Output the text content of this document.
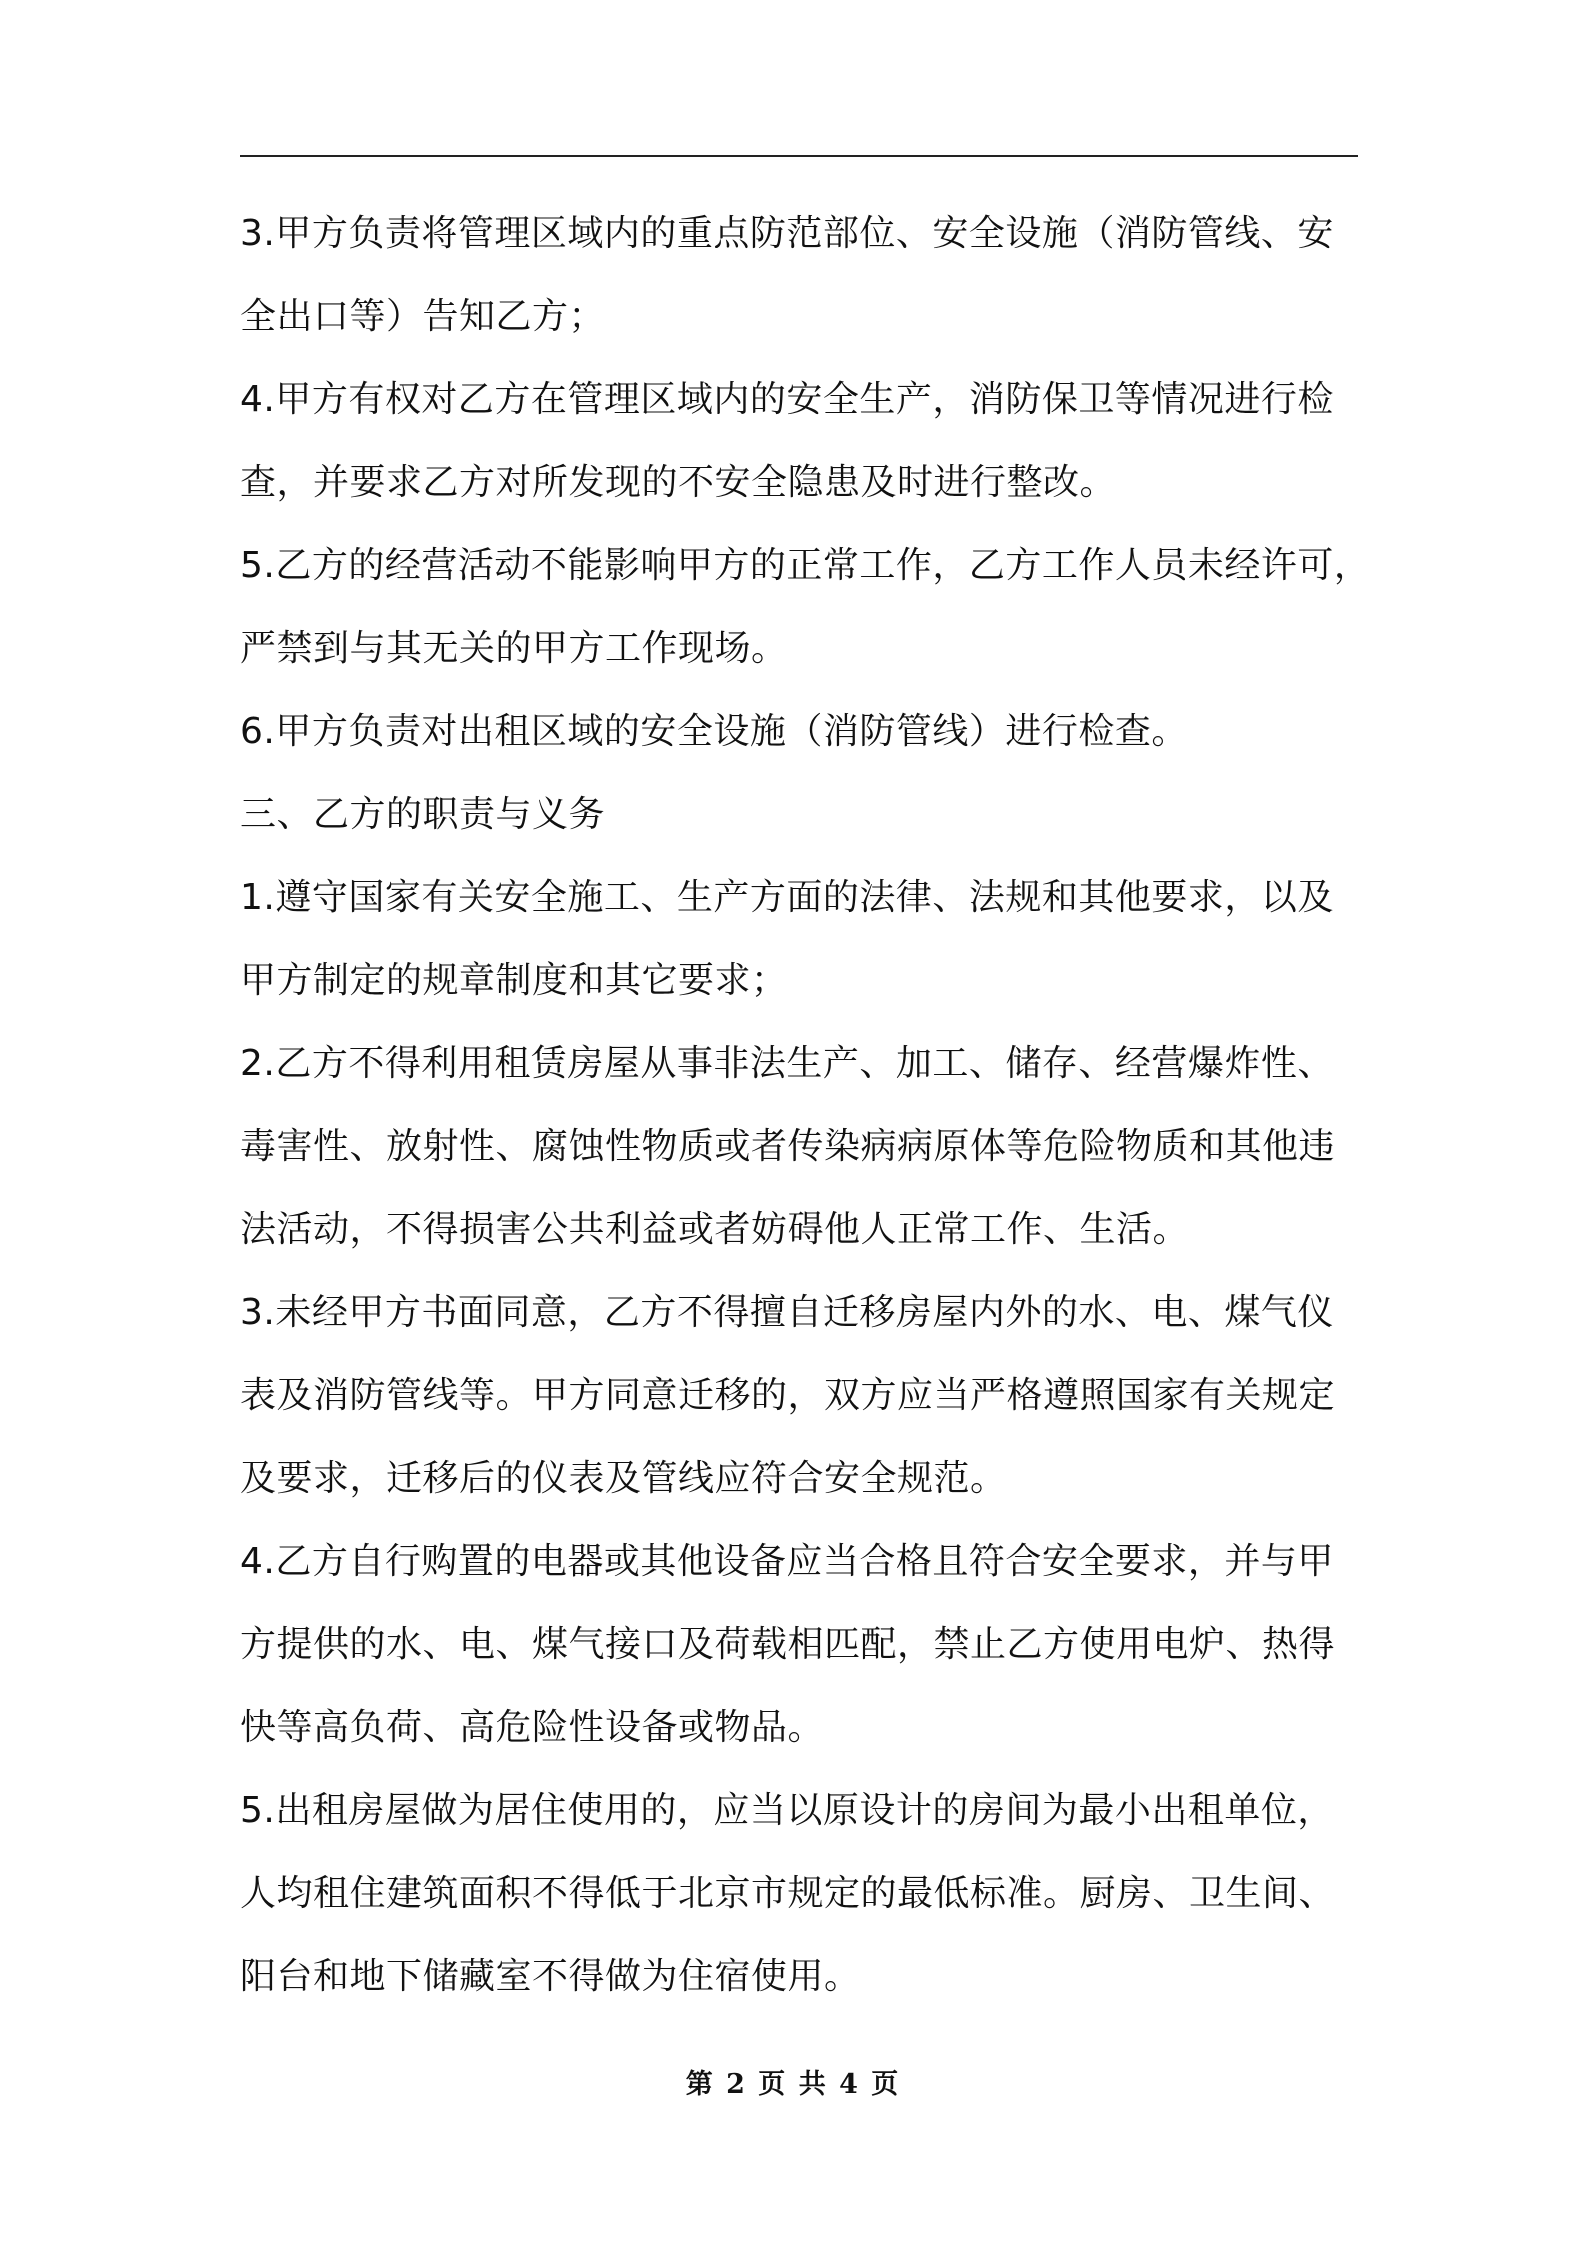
3.甲方负责将管理区域内的重点防范部位、安全设施（消防管线、安
全出口等）告知乙方；
4.甲方有权对乙方在管理区域内的安全生产，消防保卫等情况进行检
查，并要求乙方对所发现的不安全隐患及时进行整改。
5.乙方的经营活动不能影响甲方的正常工作，乙方工作人员未经许可，
严禁到与其无关的甲方工作现场。
6.甲方负责对出租区域的安全设施（消防管线）进行检查。
三、乙方的职责与义务
1.遵守国家有关安全施工、生产方面的法律、法规和其他要求，以及
甲方制定的规章制度和其它要求；
2.乙方不得利用租赁房屋从事非法生产、加工、储存、经营爆炸性、
毒害性、放射性、腐蚀性物质或者传染病病原体等危险物质和其他违
法活动，不得损害公共利益或者妨碍他人正常工作、生活。
3.未经甲方书面同意，乙方不得擅自迁移房屋内外的水、电、煤气仪
表及消防管线等。甲方同意迁移的，双方应当严格遵照国家有关规定
及要求，迁移后的仪表及管线应符合安全规范。
4.乙方自行购置的电器或其他设备应当合格且符合安全要求，并与甲
方提供的水、电、煤气接口及荷载相匹配，禁止乙方使用电炉、热得
快等高负荷、高危险性设备或物品。
5.出租房屋做为居住使用的，应当以原设计的房间为最小出租单位，
人均租住建筑面积不得低于北京市规定的最低标准。厨房、卫生间、
阳台和地下储藏室不得做为住宿使用。
第 2 页 共 4 页
